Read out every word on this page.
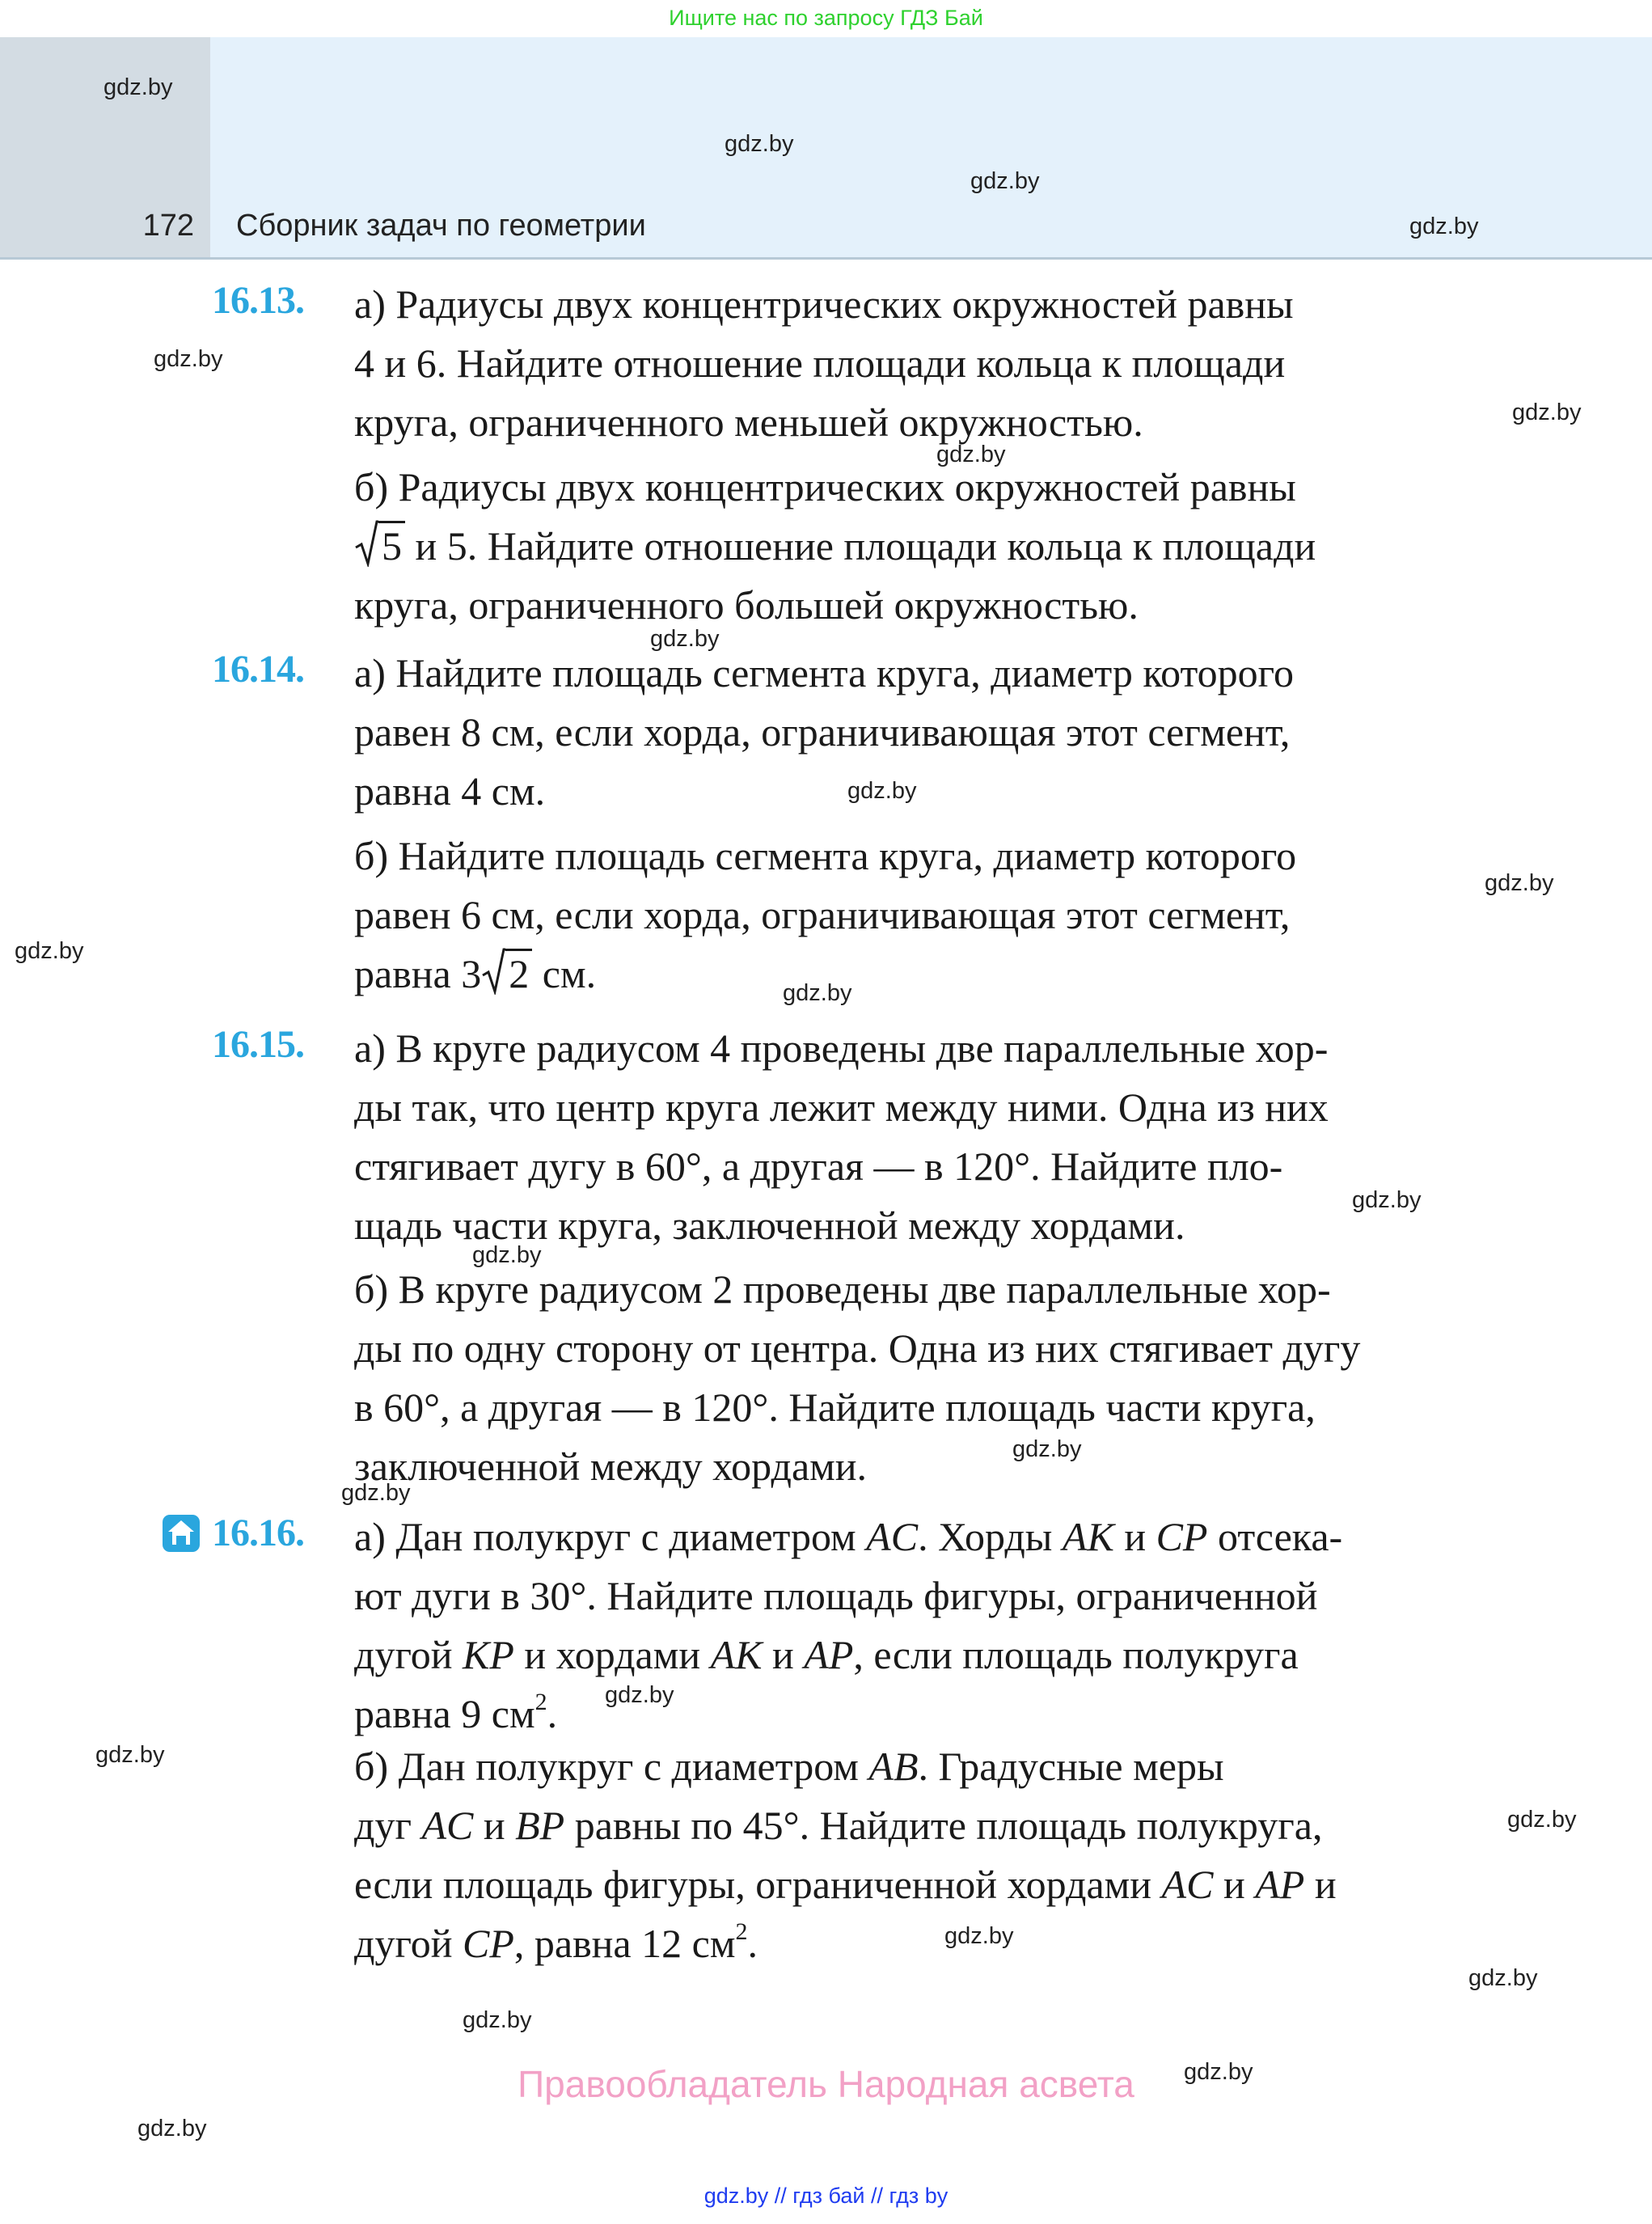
Ищите нас по запросу ГДЗ Бай
172 Сборник задач по геометрии
gdz.by
gdz.by
gdz.by
gdz.by
gdz.by
gdz.by
gdz.by
gdz.by
gdz.by
gdz.by
gdz.by
gdz.by
gdz.by
gdz.by
gdz.by
gdz.by
gdz.by
gdz.by
gdz.by
gdz.by
gdz.by
gdz.by
gdz.by
gdz.by
16.13. а) Радиусы двух концентрических окружностей равны
4 и 6. Найдите отношение площади кольца к площади
круга, ограниченного меньшей окружностью.
б) Радиусы двух концентрических окружностей равны
5 и 5. Найдите отношение площади кольца к площади
круга, ограниченного большей окружностью.
16.14. а) Найдите площадь сегмента круга, диаметр которого
равен 8 см, если хорда, ограничивающая этот сегмент,
равна 4 см.
б) Найдите площадь сегмента круга, диаметр которого
равен 6 см, если хорда, ограничивающая этот сегмент,
равна 3 2 см.
16.15. а) В круге радиусом 4 проведены две параллельные хор-
ды так, что центр круга лежит между ними. Одна из них
стягивает дугу в 60°, а другая — в 120°. Найдите пло-
щадь части круга, заключенной между хордами.
б) В круге радиусом 2 проведены две параллельные хор-
ды по одну сторону от центра. Одна из них стягивает дугу
в 60°, а другая — в 120°. Найдите площадь части круга,
заключенной между хордами.
16.16. а) Дан полукруг с диаметром AC. Хорды AK и CP отсека-
ют дуги в 30°. Найдите площадь фигуры, ограниченной
дугой KP и хордами AK и AP, если площадь полукруга
равна 9 $см^2$.
б) Дан полукруг с диаметром AB. Градусные меры
дуг AC и BP равны по 45°. Найдите площадь полукруга,
если площадь фигуры, ограниченной хордами AC и AP и
дугой CP, равна 12 $см^2$.
Правообладатель Народная асвета
gdz.by // гдз бай // гдз by
